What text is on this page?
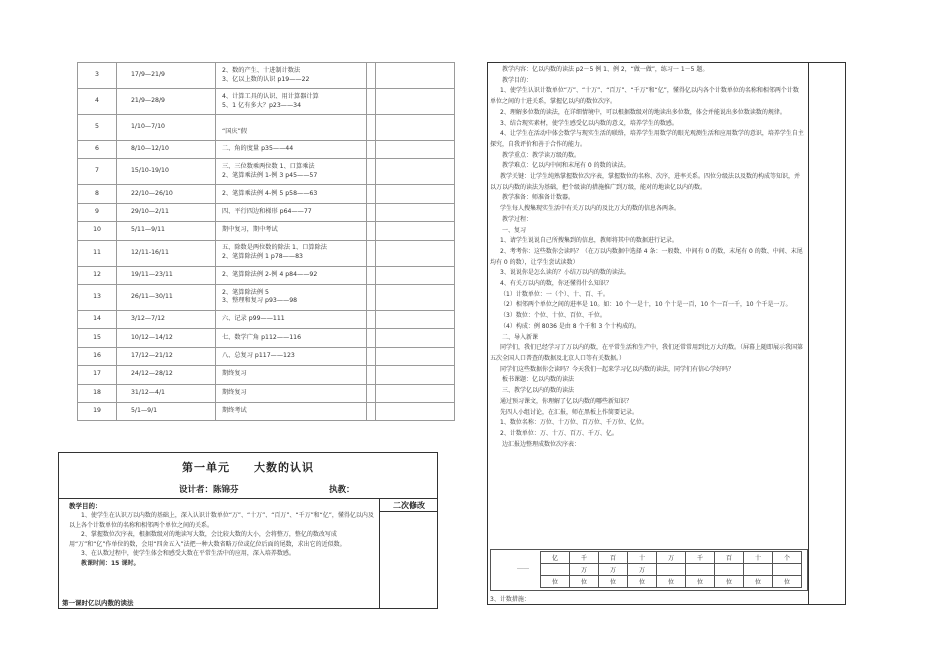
3	17/9—21/9	2、数的产生、十进制计数法
3、亿以上数的认识 p19——22		

4	21/9—28/9	4、计算工具的认识、用计算器计算
5、1 亿有多大？p23——34		

5	1/10—7/10	“国庆”假		

6	8/10—12/10	二、角的度量 p35——44		

7	15/10-19/10	三、三位数乘两位数 1、口算乘法
2、笔算乘法例 1-例 3 p45——57		

8	22/10—26/10	2、笔算乘法例 4-例 5 p58——63		

9	29/10—2/11	四、平行四边和梯形 p64——77		

10	5/11—9/11	期中复习，期中考试		

11	12/11-16/11	五、除数是两位数的除法 1、口算除法
2、笔算除法例 1 p78——83		

12	19/11—23/11	2、笔算除法例 2-例 4 p84——92		

13	26/11—30/11	2、笔算除法例 5
3、整理和复习 p93——98		

14	3/12—7/12	六、记录 p99——111		

15	10/12—14/12	七、数学广角 p112——116		

16	17/12—21/12	八、总复习 p117——123		

17	24/12—28/12	期终复习		

18	31/12—4/1	期终复习		

19	5/1—9/1	期终考试		

第一单元　　大数的认识
设计者：陈锦芬	执教：
二次修改
教学目的：

1、使学生在认识万以内数的基础上，深入认识计数单位“万”、“十万”、“百万”、“千万”和“亿”，懂得亿以内及以上各个计数单位的名称和相邻两个单位之间的关系。

2、掌握数位次序表，根据数级对的地读写大数，会比较大数的大小，会将整万，整亿的数改写成用“万”和“亿”作单位的数，会用“四舍五入”法把一种大数省略万位或亿位后面的尾数，求出它的近似数。

3、在认数过程中，使学生体会和感受大数在平常生活中的应用，深入培养数感。

教课时间：15 课时。

第一课时亿以内数的读法

教学内容：亿以内数的读法 p2－5 例 1、例 2，“做一做”，练习一 1－5 题。

教学目的：

1、使学生认识计数单位“万”、“十万”、“百万”、“千万”和“亿”，懂得亿以内各个计数单位的名称和相邻两个计数单位之间的十进关系，掌握亿以内的数位次序。

2、理解多位数的读法，在详细情境中，可以根据数级对的地读出多位数，体会并能说出多位数读数的规律。

3、结合现实素材，使学生感受亿以内数的意义，培养学生的数感。

4、让学生在活动中体会数学与现实生活的联络，培养学生用数学的眼光观测生活和应用数学的意识，培养学生自主探究，自我评价和善于合作的能力。

教学重点：教学读万级的数。

教学难点：亿以内中间和末尾有 0 的数的读法。

教学关键：让学生纯熟掌握数位次序表，掌握数位的名称、次序，进率关系。四位分级法以及数的构成等知识，并以万以内数的读法为基础，把个级读的措施推广到万级，能对的地读亿以内的数。

教学准备：师准备计数器。

学生每人搜集现实生活中有关万以内的及比万大的数的信息各两条。

教学过程：

一、复习

1、请学生说说自己所搜集到的信息，教师将其中的数据进行记录。

2、考考你：这些数你会读吗？（在万以内数据中选择 4 条：一般数、中间有 0 的数，末尾有 0 的数、中间、末尾均有 0 的数），让学生尝试读数）

3、说说你是怎么读的？小结万以内的数的读法。

4、有关万以内的数，你还懂得什么知识？

（1）计数单位：一（个）、十、百、千。

（2）相邻两个单位之间的进率是 10。如：10 个一是十，10 个十是一百，10 个一百一千，10 个千是一万。

（3）数位：个位、十位、百位、千位。

（4）构成：例 8036 是由 8 个千和 3 个十构成的。

二、导入新课

同学们，我们已经学习了万以内的数，在平常生活和生产中，我们还常常用到比万大的数。（屏幕上随即展示我国第五次全国人口普查的数据及北京人口等有关数据。）

同学们这些数据你会读吗？今天我们一起来学习亿以内数的读法，同学们有信心学好吗？

板书课题：亿以内数的读法

三、教学亿以内的数的读法

通过预习课文，你理解了亿以内数的哪些新知识？

先四人小组讨论，在汇报，师在黑板上作简要记录。

1、数位名称：万位、十万位、百万位、千万位、亿位。

2、计数单位：万、十万、百万、千万、亿。

边汇报边整理成数位次序表：

……
亿	千	百	十	万	千	百	十	个
	万	万	万					
位	位	位	位	位	位	位	位	位
3、计数措施：
